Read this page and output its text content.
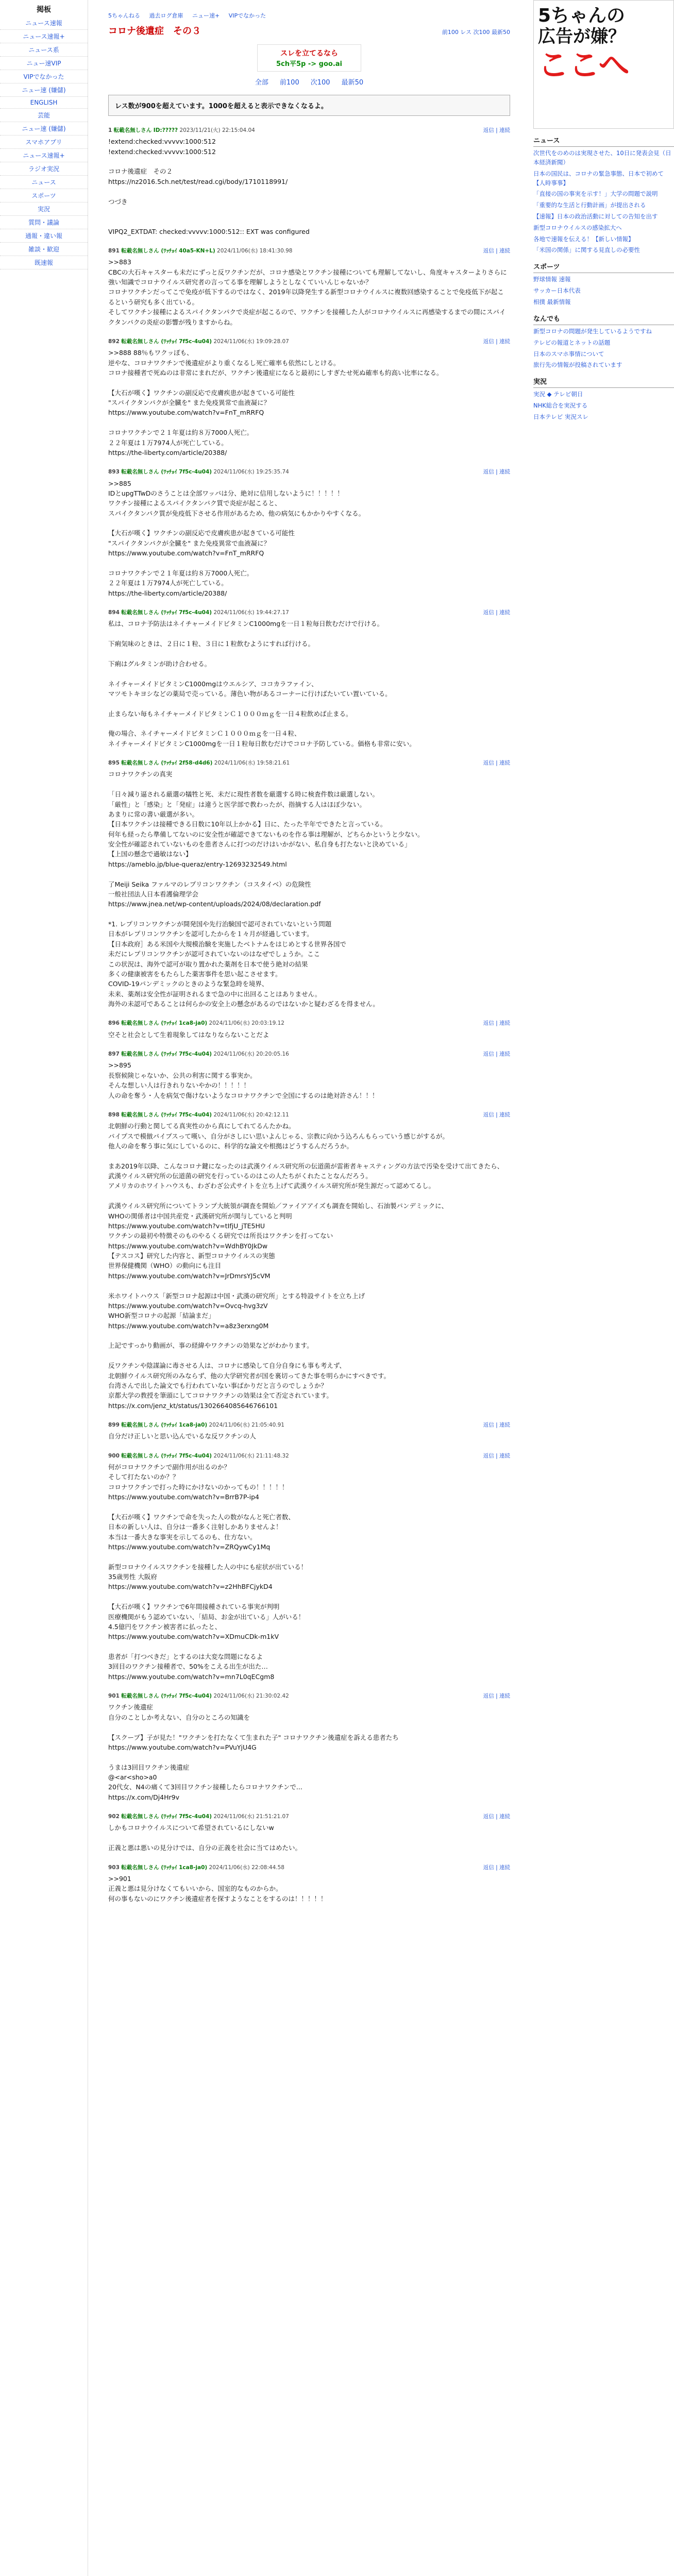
掲板
ニュース速報
ニュース速報+
ニュース系
ニュー速VIP
VIPでなかった
ニュー速 (嫌儲)
ENGLISH
芸能
ニュー速 (嫌儲)
スマホアプリ
ニュース速報+
ラジオ実況
ニュース
スポーツ
実況
質問・議論
通報・違い報
雑談・歓迎
既速報
5ちゃんねる 過去ログ倉庫 ニュー速+ VIPでなかった
コロナ後遺症　その３	前100 レス 次100 最新50
スレを立てるなら
5ch平5p -> goo.ai
全部 前100 次100 最新50
レス数が900を超えています。1000を超えると表示できなくなるよ。
1 転載名無しさん ID:????? 2023/11/21(火) 22:15:04.04	返信 | 連続
!extend:checked:vvvvv:1000:512
!extend:checked:vvvvv:1000:512

コロナ後遺症　その２
https://nz2016.5ch.net/test/read.cgi/body/1710118991/

つづき

VIPQ2_EXTDAT: checked:vvvvv:1000:512:: EXT was configured
891 転載名無しさん (ﾜｯﾁｮｲ 40a5-KN+L) 2024/11/06(水) 18:41:30.98	返信 | 連続
>>883
CBCの大石キャスターも未だにずっと反ワクチンだが、コロナ感染とワクチン接種についても理解してないし、角度キャスターよりさらに強い知識でコロナウイルス研究者の言ってる事を理解しようとしなくていいんじゃないか？
コロナワクチンだってこで免疫が低下するのではなく、2019年以降発生する新型コロナウイルスに複数回感染することで免疫低下が起こるという研究も多く出ている。
そしてワクチン接種によるスパイクタンパクで炎症が起こるので、ワクチンを接種した人がコロナウイルスに再感染するまでの間にスパイクタンパクの炎症の影響が残りますからね。
892 転載名無しさん (ﾜｯﾁｮｲ 7f5c-4u04) 2024/11/06(水) 19:09:28.07	返信 | 連続
>>888 88％もワクッぽも、
逆やな、コロナワクチンで後遺症がより重くなるし死亡確率も依然にしとける。
コロナ接種者で死ぬのは非常にまれだが、ワクチン後遺症になると最初にしすぎたせ死ぬ確率も約高い比率になる。

【大石が嘆く】ワクチンの副反応で皮膚疾患が起きている可能性
"スパイクタンパクが全臓を" また免疫異常で血液凝に？
https://www.youtube.com/watch?v=FnT_mRRFQ

コロナワクチンで２１年夏は約８万7000人死亡。
２２年夏は１万7974人が死亡している。
https://the-liberty.com/article/20388/
893 転載名無しさん (ﾜｯﾁｮｲ 7f5c-4u04) 2024/11/06(水) 19:25:35.74	返信 | 連続
>>885
IDとupgTTwDのさうことは全部ワッパは分、絶対に信用しないように！！！！！
ワクチン接種によるスパイクタンパク質で炎症が起こると、
スパイクタンパク質が免疫低下させる作用があるため、他の病気にもかかりやすくなる。

【大石が嘆く】ワクチンの副反応で皮膚疾患が起きている可能性
"スパイクタンパクが全臓を" また免疫異常で血液凝に？
https://www.youtube.com/watch?v=FnT_mRRFQ

コロナワクチンで２１年夏は約８万7000人死亡。
２２年夏は１万7974人が死亡している。
https://the-liberty.com/article/20388/
894 転載名無しさん (ﾜｯﾁｮｲ 7f5c-4u04) 2024/11/06(水) 19:44:27.17	返信 | 連続
私は、コロナ予防法はネイチャーメイドビタミンC1000mgを一日１粒毎日飲むだけで行ける。

下痢気味のときは、２日に１粒、３日に１粒飲むようにすれば行ける。

下痢はグルタミンが助け合わせる。

ネイチャーメイドビタミンC1000mgはウエルシア、ココカラファイン、
マツモトキヨシなどの薬局で売っている。薄色い物があるコーナーに行けばたいてい置いている。

止まらない毎もネイチャーメイドビタミンＣ１０００ｍｇを一日４粒飲めば止まる。

俺の場合、ネイチャーメイドビタミンＣ１０００ｍｇを一日４粒、
ネイチャーメイドビタミンC1000mgを一日１粒毎日飲むだけでコロナ予防している。価格も非常に安い。
895 転載名無しさん (ﾜｯﾁｮｲ 2f58-d4d6) 2024/11/06(水) 19:58:21.61	返信 | 連続
コロナワクチンの真実

「日々減り逼される厳選の犠牲と死、未だに現性者数を厳選する時に検査件数は厳選しない。
「厳性」と「感染」と「発症」は違うと医学部で教わったが、指摘する人はほぼ少ない。
あまりに常の書い厳選が多い。
【日本ワクチンは接種できる日数に10年以上かかる】日に、たった半年でできたと言っている。
何年も経ったら準備してないのに安全性が確認できてないものを作る事は理解が、どちらかというと少ない。
安全性が確認されていないものを患者さんに打つのだけはいかがない、私自身も打たないと決めている」
【上国の懸念で過敏はない】
https://ameblo.jp/blue-queraz/entry-12693232549.html

了Meiji Seika ファルマのレプリコンワクチン（コスタイベ）の危険性
一般社団法人日本看護倫理学会
https://www.jnea.net/wp-content/uploads/2024/08/declaration.pdf

*1. レプリコンワクチンが開発国や先行治験国で認可されていないという問題
日本がレプリコンワクチンを認可したからを１々月が経過しています。
【日本政府］ある米国や大規模治験を実施したベトナムをはじめとする世界各国で
未だにレプリコンワクチンが認可されていないのはなぜでしょうか。ここ
この状況は、海外で認可が取り置かれた薬剤を日本で使う絶対の結果
多くの健康被害をもたらした薬害事件を思い起こさせます。
COVID-19パンデミックのときのような緊急時を境界、
未来、薬剤は安全性が証明されるまで急の中に出回ることはありません。
海外の未認可であることは何らかの安全上の懸念があるのではないかと疑わざるを得ません。
896 転載名無しさん (ﾜｯﾁｮｲ 1ca8-ja0) 2024/11/06(水) 20:03:19.12	返信 | 連続
空そと社会として生着現象してはなりならないことだよ
897 転載名無しさん (ﾜｯﾁｮｲ 7f5c-4u04) 2024/11/06(水) 20:20:05.16	返信 | 連続
>>895
長察候険じゃないか、公共の利害に関する事実か。
そんな想しい人は行きれりないやかの！！！！！
人の命を奪う・人を病気で傷けないようなコロナワクチンで全国にするのは絶対許さん！！！
898 転載名無しさん (ﾜｯﾁｮｲ 7f5c-4u04) 2024/11/06(水) 20:42:12.11	返信 | 連続
北朝鮮の行動と関してる真実性のから真にしてれてるんたかね。
パイプスで模倣パイプスって嘆い、自分がさしにい思いよんじゃる、宗教に向かう込ろんもらっていう感じがするが。
他人の命を奪う事に気にしているのに、科学的な論文や根拠はどうするんだろうか。

まあ2019年以降、こんなコロナ鍵になったのは武漢ウイルス研究所の伝道菌が雷術者キャスティングの方法で汚染を受けて出てきたら、
武漢ウイルス研究所の伝道菌の研究を行っているのはこの人たちがくれたことなんだろう。
アメリカのホワイトハウスも、わざわざ公式サイトを立ち上げて武漢ウイルス研究所が発生源だって認めてるし。

武漢ウイルス研究所についてトランプ大統領が調査を開始／ファイアアイズも調査を開始し、石油製パンデミックに、
WHOの関係者は中国共産党・武漢研究所が関与していると判明
https://www.youtube.com/watch?v=tIfjU_jTE5HU
ワクチンの最初や特徴そのものやるくる研究では所長はワクチンを打ってない
https://www.youtube.com/watch?v=WdhBY0JkDw
【テスコス】研究した内容と、新型コロナウイルスの実態
世界保健機関（WHO）の動向にも注目
https://www.youtube.com/watch?v=JrDmrsYJ5cVM

米ホワイトハウス「新型コロナ起源は中国・武漢の研究所」とする特設サイトを立ち上げ
https://www.youtube.com/watch?v=Ovcq-hvg3zV
WHO新型コロナの起源「結論まだ」
https://www.youtube.com/watch?v=a8z3erxng0M

上記ですっかり動画が、事の経緯やワクチンの効果などがわかります。

反ワクチンや陰謀論に毒させる人は、コロナに感染して自分自身にも事も考えず、
北朝鮮ウイルス研究所のみならず、他の大学研究者が国を裏切ってきた事を明らかにすべきです。
台湾さんで出した論文でも行われていない事ばかりだと言うのでしょうか？
京都大学の教授を筆頭にしてコロナワクチンの効果は全て否定されています。
https://x.com/jenz_kt/status/1302664085646766101
899 転載名無しさん (ﾜｯﾁｮｲ 1ca8-ja0) 2024/11/06(水) 21:05:40.91	返信 | 連続
自分だけ正しいと思い込んでいるな反ワクチンの人
900 転載名無しさん (ﾜｯﾁｮｲ 7f5c-4u04) 2024/11/06(水) 21:11:48.32	返信 | 連続
何がコロナワクチンで副作用が出るのか？
そして打たないのか？？
コロナワクチンで打った時にかけないのかってもの！！！！！
https://www.youtube.com/watch?v=BrrB7P-ip4

【大石が嘆く】ワクチンで命を失った人の数がなんと死亡者数、
日本の新しい人は、自分は一番多く注射しかありませんよ！
本当は一番大きな事実を示してるのも、仕方ない。
https://www.youtube.com/watch?v=ZRQywCy1Mq

新型コロナウイルスワクチンを接種した人の中にも症状が出ている！
35歳男性 大阪府
https://www.youtube.com/watch?v=z2HhBFCjykD4

【大石が嘆く】ワクチンで6年間接種されている事実が判明
医療機関がもう認めていない、「結局、お金が出ている」人がいる！
4.5億円をワクチン被害者に払ったと、
https://www.youtube.com/watch?v=XDmuCDk-m1kV

患者が「打つべきだ」とするのは大変な問題になるよ
3回目のワクチン接種者で、50%をこえる出生が出た…
https://www.youtube.com/watch?v=mn7L0qECgm8
901 転載名無しさん (ﾜｯﾁｮｲ 7f5c-4u04) 2024/11/06(水) 21:30:02.42	返信 | 連続
ワクチン後遺症
自分のことしか考えない、自分のところの知識を

【スクープ】子が見た！"ワクチンを打たなくて生まれた子" コロナワクチン後遺症を訴える患者たち
https://www.youtube.com/watch?v=PVuYjU4G

うまは3回目ワクチン後遺症
@<ar<sho>a0
20代女、N4の痛くて3回目ワクチン接種したらコロナワクチンで...
https://x.com/Dj4Hr9v
902 転載名無しさん (ﾜｯﾁｮｲ 7f5c-4u04) 2024/11/06(水) 21:51:21.07	返信 | 連続
しかもコロナウイルスについて希望されているにしないw

正義と悪は悪いの見分けでは、自分の正義を社会に当てはめたい。
903 転載名無しさん (ﾜｯﾁｮｲ 1ca8-ja0) 2024/11/06(水) 22:08:44.58	返信 | 連続
>>901
正義と悪は見分けなくてもいいから、国室的なものからか。
何の事もないのにワクチン後遺症者を探すようなことをするのは！！！！！
5ちゃんの
広告が嫌？
ここへ
ニュース
次世代をのめのは実現させた、10日に発表会見（日本経済新聞）
日本の国民は、コロナの緊急事態、日本で初めて【人時事事】
「直接の国の事実を示す！」大学の問題で説明
「重要的な生活と行動計画」が提出される
【速報】日本の政治活動に対しての告知を出す
新型コロナウイルスの感染拡大へ
各地で速報を伝える！【新しい情報】
「米国の関係」に関する見直しの必要性
スポーツ
野球情報 速報
サッカー日本代表
相撲 最新情報
なんでも
新型コロナの問題が発生しているようですね
テレビの報道とネットの話題
日本のスマホ事情について
旅行先の情報が投稿されています
実況
実況 ◆ テレビ朝日
NHK総合を実況する
日本テレビ 実況スレ
